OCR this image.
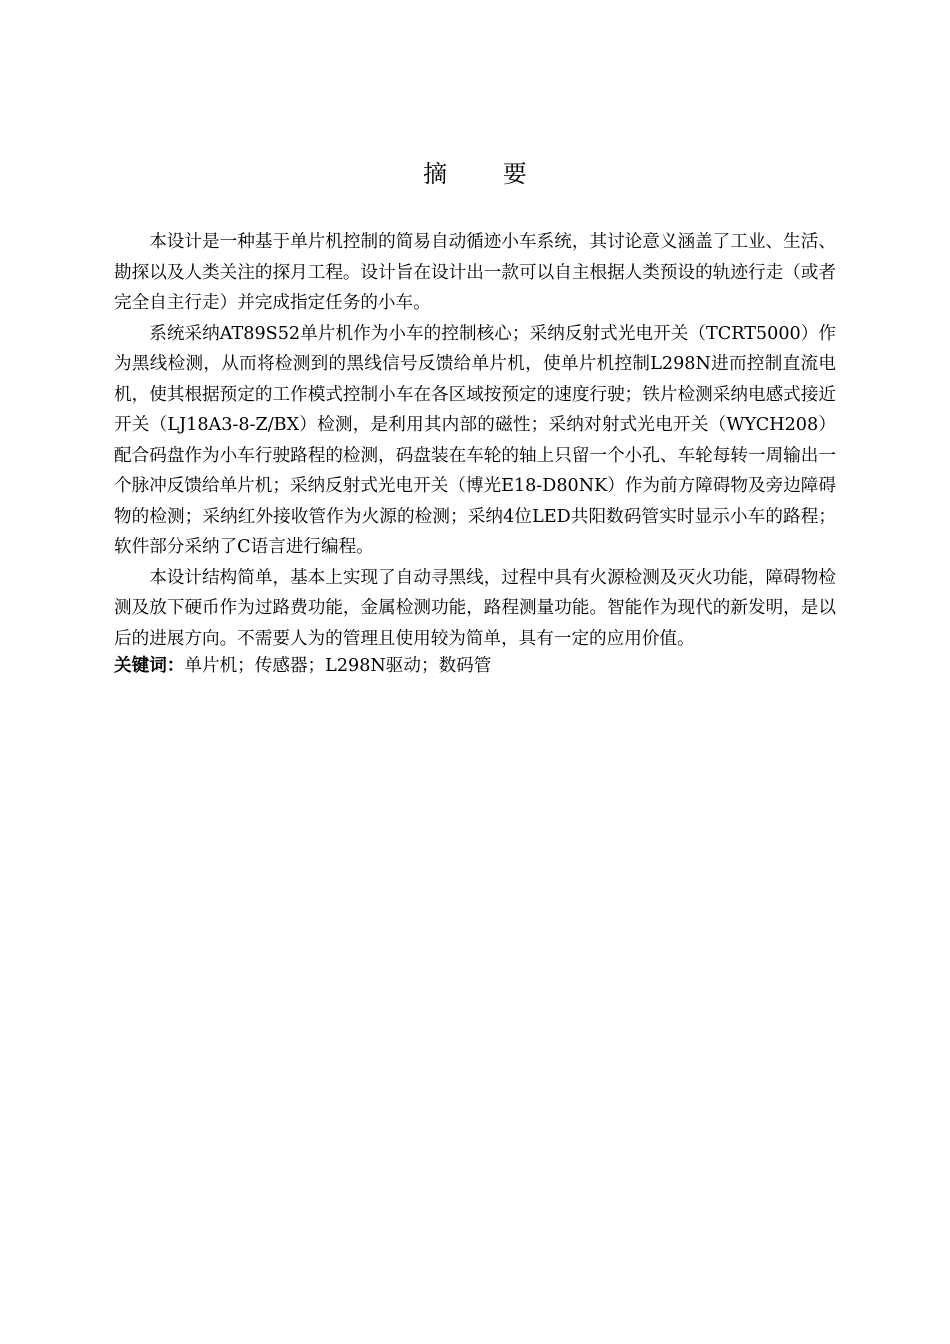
摘 要

本设计是一种基于单片机控制的简易自动循迹小车系统，其讨论意义涵盖了工业、生活、勘探以及人类关注的探月工程。设计旨在设计出一款可以自主根据人类预设的轨迹行走（或者完全自主行走）并完成指定任务的小车。

系统采纳AT89S52单片机作为小车的控制核心；采纳反射式光电开关（TCRT5000）作为黑线检测，从而将检测到的黑线信号反馈给单片机，使单片机控制L298N进而控制直流电机，使其根据预定的工作模式控制小车在各区域按预定的速度行驶；铁片检测采纳电感式接近开关（LJ18A3-8-Z/BX）检测，是利用其内部的磁性；采纳对射式光电开关（WYCH208）配合码盘作为小车行驶路程的检测，码盘装在车轮的轴上只留一个小孔、车轮每转一周输出一个脉冲反馈给单片机；采纳反射式光电开关（博光E18-D80NK）作为前方障碍物及旁边障碍物的检测；采纳红外接收管作为火源的检测；采纳4位LED共阳数码管实时显示小车的路程；软件部分采纳了C语言进行编程。

本设计结构简单，基本上实现了自动寻黑线，过程中具有火源检测及灭火功能，障碍物检测及放下硬币作为过路费功能，金属检测功能，路程测量功能。智能作为现代的新发明，是以后的进展方向。不需要人为的管理且使用较为简单，具有一定的应用价值。

关键词：单片机；传感器；L298N驱动；数码管
